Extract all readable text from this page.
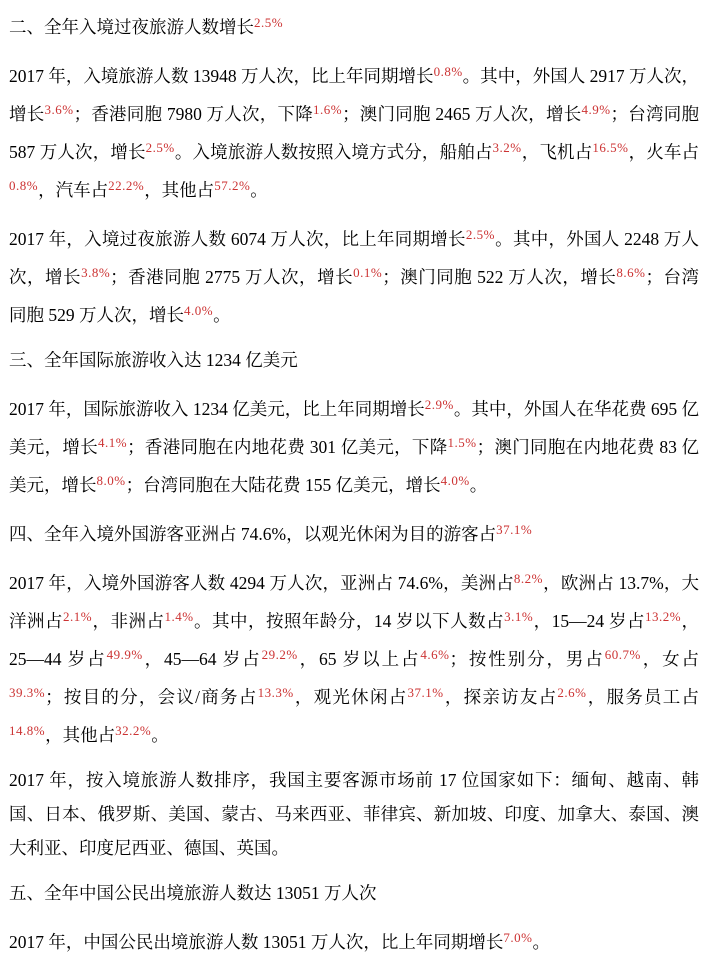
二、全年入境过夜旅游人数增长$^{2.5\%}$

2017 年，入境旅游人数 13948 万人次，比上年同期增长$^{0.8\%}$。其中，外国人 2917 万人次，增长$^{3.6\%}$；香港同胞 7980 万人次，下降$^{1.6\%}$；澳门同胞 2465 万人次，增长$^{4.9\%}$；台湾同胞 587 万人次，增长$^{2.5\%}$。入境旅游人数按照入境方式分，船舶占$^{3.2\%}$，飞机占$^{16.5\%}$，火车占$^{0.8\%}$，汽车占$^{22.2\%}$，其他占$^{57.2\%}$。

2017 年，入境过夜旅游人数 6074 万人次，比上年同期增长$^{2.5\%}$。其中，外国人 2248 万人次，增长$^{3.8\%}$；香港同胞 2775 万人次，增长$^{0.1\%}$；澳门同胞 522 万人次，增长$^{8.6\%}$；台湾同胞 529 万人次，增长$^{4.0\%}$。

三、全年国际旅游收入达 1234 亿美元

2017 年，国际旅游收入 1234 亿美元，比上年同期增长$^{2.9\%}$。其中，外国人在华花费 695 亿美元，增长$^{4.1\%}$；香港同胞在内地花费 301 亿美元，下降$^{1.5\%}$；澳门同胞在内地花费 83 亿美元，增长$^{8.0\%}$；台湾同胞在大陆花费 155 亿美元，增长$^{4.0\%}$。

四、全年入境外国游客亚洲占 74.6%，以观光休闲为目的游客占$^{37.1\%}$

2017 年，入境外国游客人数 4294 万人次，亚洲占 74.6%，美洲占$^{8.2\%}$，欧洲占 13.7%，大洋洲占$^{2.1\%}$，非洲占$^{1.4\%}$。其中，按照年龄分，14 岁以下人数占$^{3.1\%}$，15—24 岁占$^{13.2\%}$，25—44 岁占$^{49.9\%}$，45—64 岁占$^{29.2\%}$，65 岁以上占$^{4.6\%}$；按性别分，男占$^{60.7\%}$，女占$^{39.3\%}$；按目的分，会议/商务占$^{13.3\%}$，观光休闲占$^{37.1\%}$，探亲访友占$^{2.6\%}$，服务员工占$^{14.8\%}$，其他占$^{32.2\%}$。

2017 年，按入境旅游人数排序，我国主要客源市场前 17 位国家如下：缅甸、越南、韩国、日本、俄罗斯、美国、蒙古、马来西亚、菲律宾、新加坡、印度、加拿大、泰国、澳大利亚、印度尼西亚、德国、英国。

五、全年中国公民出境旅游人数达 13051 万人次

2017 年，中国公民出境旅游人数 13051 万人次，比上年同期增长$^{7.0\%}$。
